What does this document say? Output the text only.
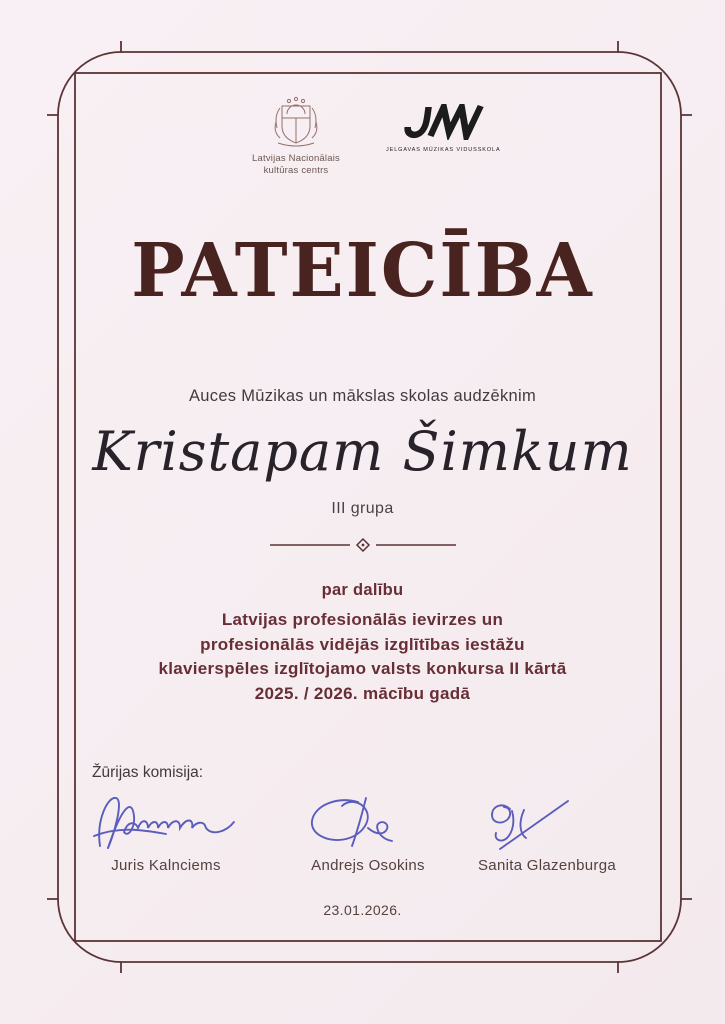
Latvijas Nacionālais
kultūras centrs
JELGAVAS MŪZIKAS VIDUSSKOLA
PATEICĪBA
Auces Mūzikas un mākslas skolas audzēknim
Kristapam Šimkum
III grupa
par dalību
Latvijas profesionālās ievirzes un
profesionālās vidējās izglītības iestāžu
klavierspēles izglītojamo valsts konkursa II kārtā
2025. / 2026. mācību gadā
Žūrijas komisija:
Juris Kalnciems	Andrejs Osokins	Sanita Glazenburga
23.01.2026.
